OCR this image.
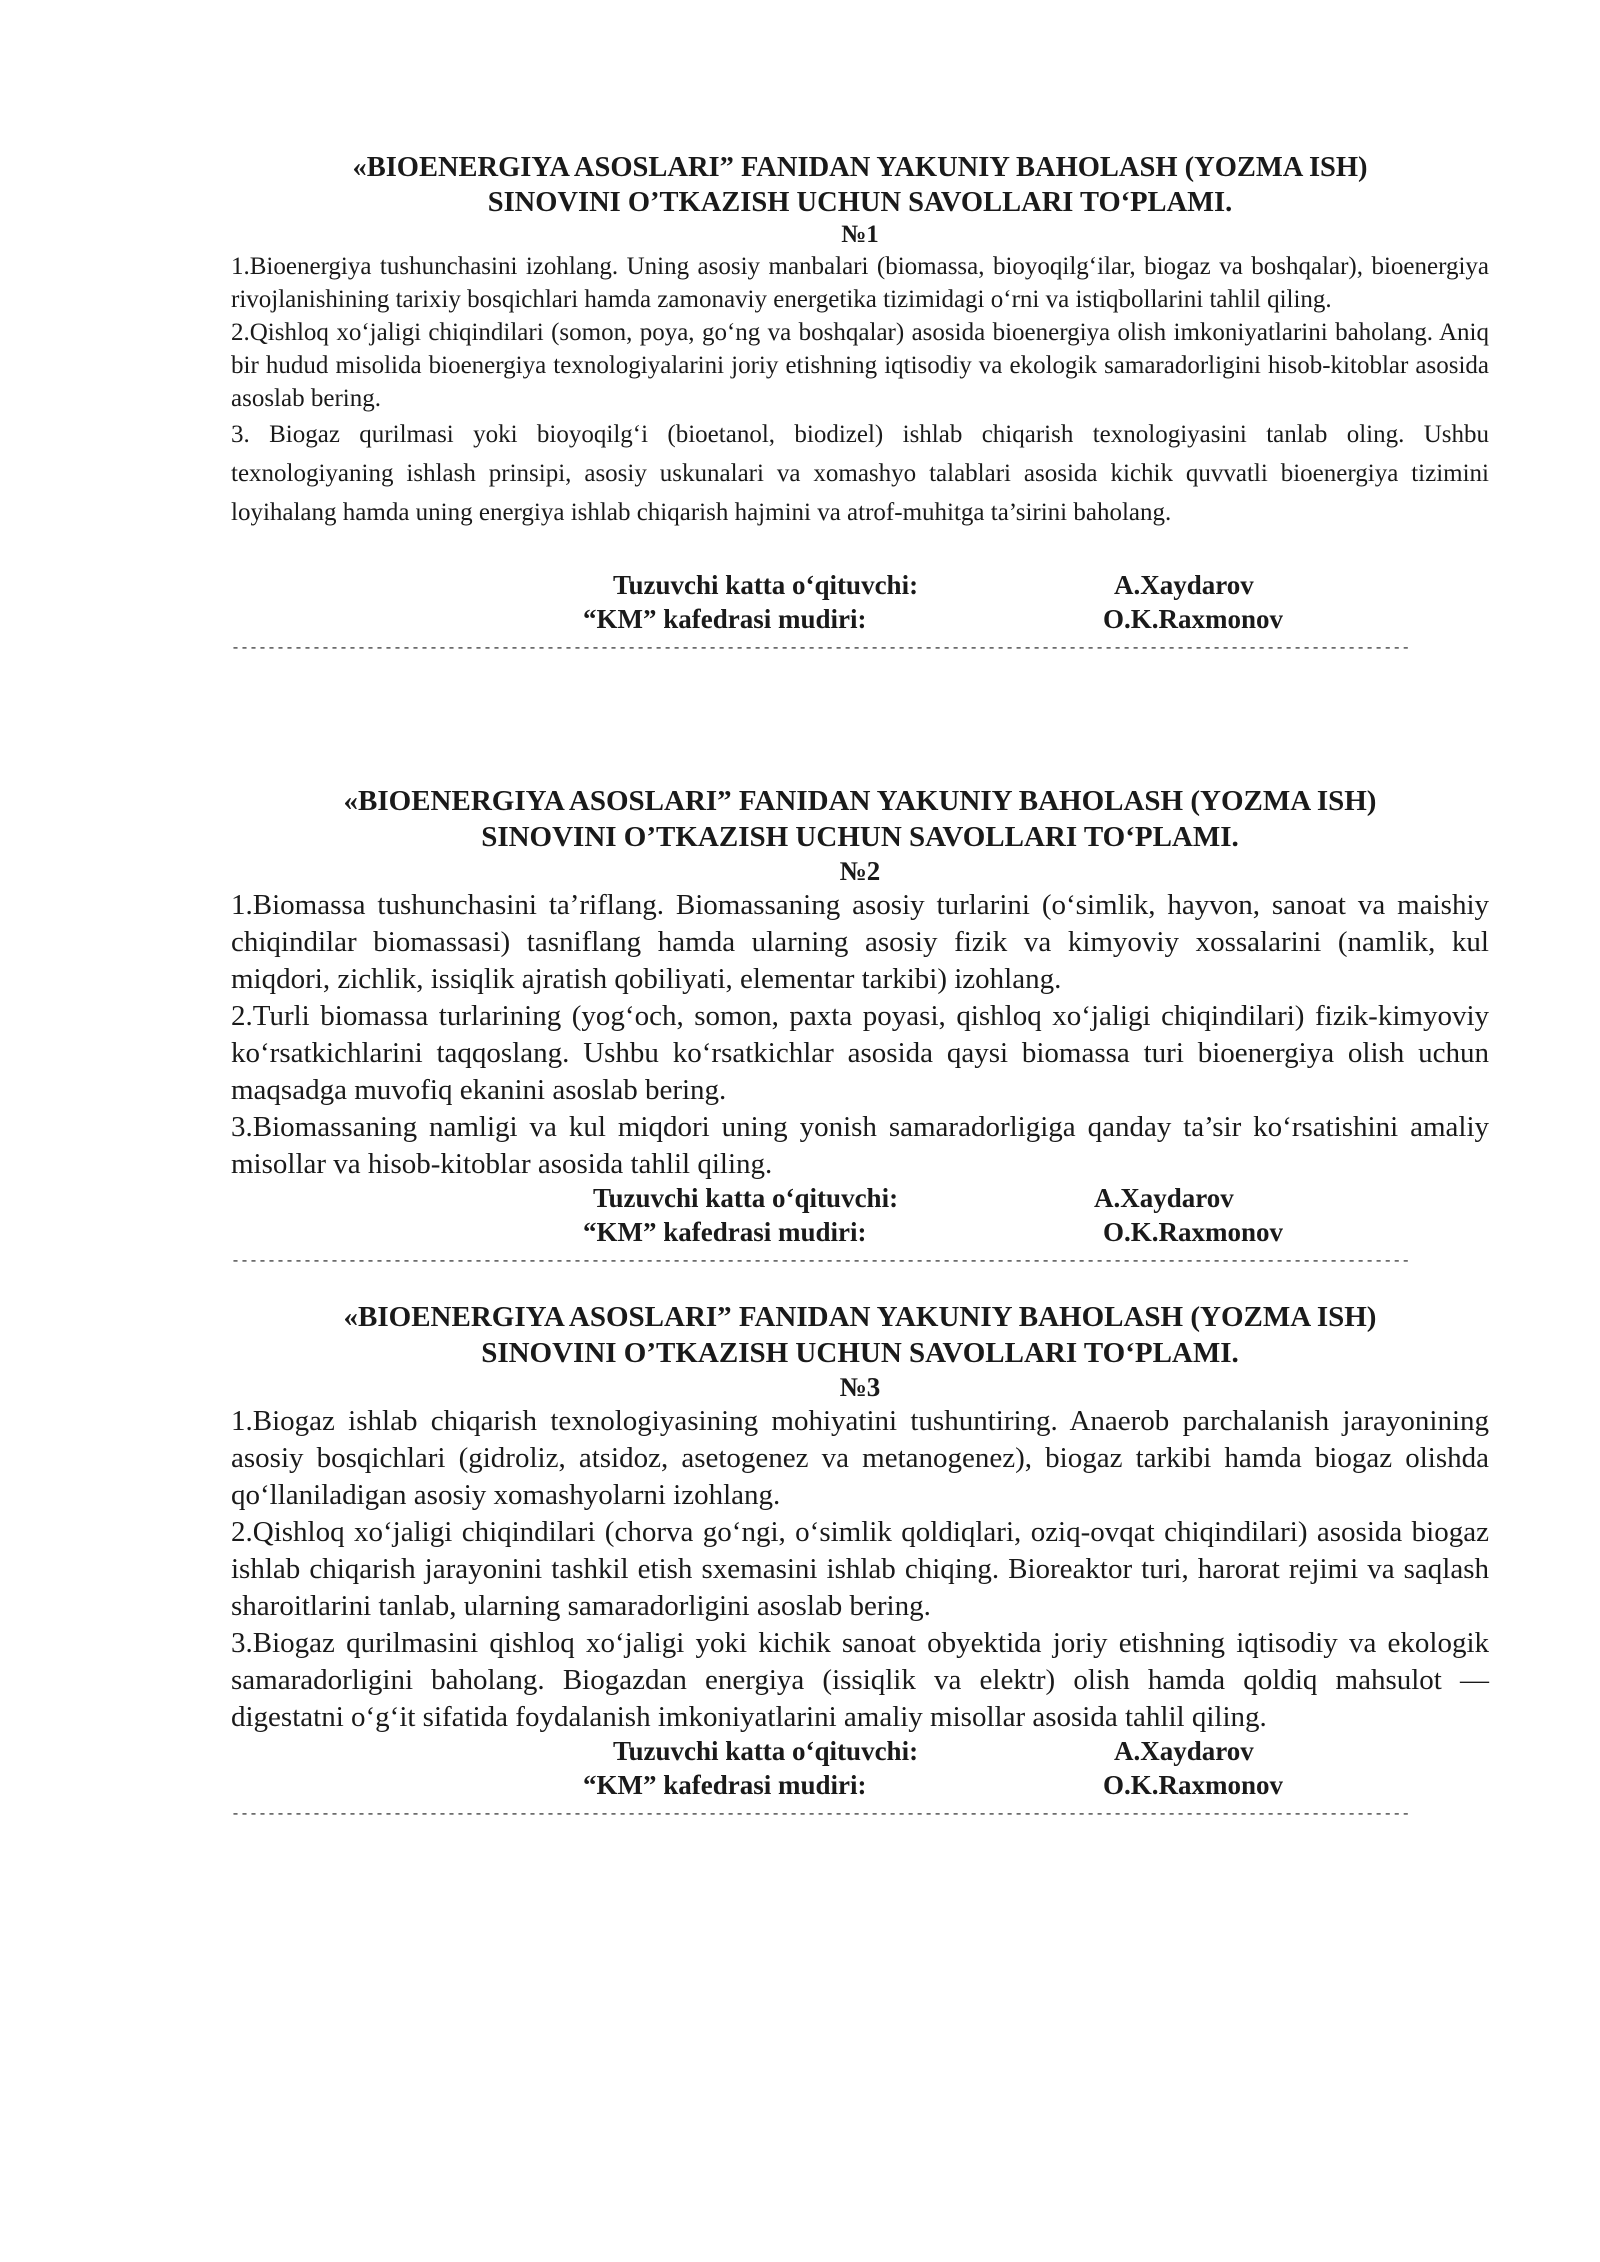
«BIOENERGIYA ASOSLARI” FANIDAN YAKUNIY BAHOLASH (YOZMA ISH)
SINOVINI O’TKAZISH UCHUN SAVOLLARI TO‘PLAMI.

№1

1.Bioenergiya tushunchasini izohlang. Uning asosiy manbalari (biomassa, bioyoqilg‘ilar, biogaz va boshqalar), bioenergiya rivojlanishining tarixiy bosqichlari hamda zamonaviy energetika tizimidagi o‘rni va istiqbollarini tahlil qiling.

2.Qishloq xo‘jaligi chiqindilari (somon, poya, go‘ng va boshqalar) asosida bioenergiya olish imkoniyatlarini baholang. Aniq bir hudud misolida bioenergiya texnologiyalarini joriy etishning iqtisodiy va ekologik samaradorligini hisob-kitoblar asosida asoslab bering.

3. Biogaz qurilmasi yoki bioyoqilg‘i (bioetanol, biodizel) ishlab chiqarish texnologiyasini tanlab oling. Ushbu texnologiyaning ishlash prinsipi, asosiy uskunalari va xomashyo talablari asosida kichik quvvatli bioenergiya tizimini loyihalang hamda uning energiya ishlab chiqarish hajmini va atrof-muhitga ta’sirini baholang.

Tuzuvchi katta o‘qituvchi:	A.Xaydarov
“KM” kafedrasi mudiri:	O.K.Raxmonov
-----------------------------------------------------------------------------------------------------------------------------------

«BIOENERGIYA ASOSLARI” FANIDAN YAKUNIY BAHOLASH (YOZMA ISH)
SINOVINI O’TKAZISH UCHUN SAVOLLARI TO‘PLAMI.

№2

1.Biomassa tushunchasini ta’riflang. Biomassaning asosiy turlarini (o‘simlik, hayvon, sanoat va maishiy chiqindilar biomassasi) tasniflang hamda ularning asosiy fizik va kimyoviy xossalarini (namlik, kul miqdori, zichlik, issiqlik ajratish qobiliyati, elementar tarkibi) izohlang.

2.Turli biomassa turlarining (yog‘och, somon, paxta poyasi, qishloq xo‘jaligi chiqindilari) fizik-kimyoviy ko‘rsatkichlarini taqqoslang. Ushbu ko‘rsatkichlar asosida qaysi biomassa turi bioenergiya olish uchun maqsadga muvofiq ekanini asoslab bering.

3.Biomassaning namligi va kul miqdori uning yonish samaradorligiga qanday ta’sir ko‘rsatishini amaliy misollar va hisob-kitoblar asosida tahlil qiling.

Tuzuvchi katta o‘qituvchi:	A.Xaydarov
“KM” kafedrasi mudiri:	O.K.Raxmonov
-----------------------------------------------------------------------------------------------------------------------------------

«BIOENERGIYA ASOSLARI” FANIDAN YAKUNIY BAHOLASH (YOZMA ISH)
SINOVINI O’TKAZISH UCHUN SAVOLLARI TO‘PLAMI.

№3

1.Biogaz ishlab chiqarish texnologiyasining mohiyatini tushuntiring. Anaerob parchalanish jarayonining asosiy bosqichlari (gidroliz, atsidoz, asetogenez va metanogenez), biogaz tarkibi hamda biogaz olishda qo‘llaniladigan asosiy xomashyolarni izohlang.

2.Qishloq xo‘jaligi chiqindilari (chorva go‘ngi, o‘simlik qoldiqlari, oziq-ovqat chiqindilari) asosida biogaz ishlab chiqarish jarayonini tashkil etish sxemasini ishlab chiqing. Bioreaktor turi, harorat rejimi va saqlash sharoitlarini tanlab, ularning samaradorligini asoslab bering.

3.Biogaz qurilmasini qishloq xo‘jaligi yoki kichik sanoat obyektida joriy etishning iqtisodiy va ekologik samaradorligini baholang. Biogazdan energiya (issiqlik va elektr) olish hamda qoldiq mahsulot — digestatni o‘g‘it sifatida foydalanish imkoniyatlarini amaliy misollar asosida tahlil qiling.

Tuzuvchi katta o‘qituvchi:	A.Xaydarov
“KM” kafedrasi mudiri:	O.K.Raxmonov
-----------------------------------------------------------------------------------------------------------------------------------
